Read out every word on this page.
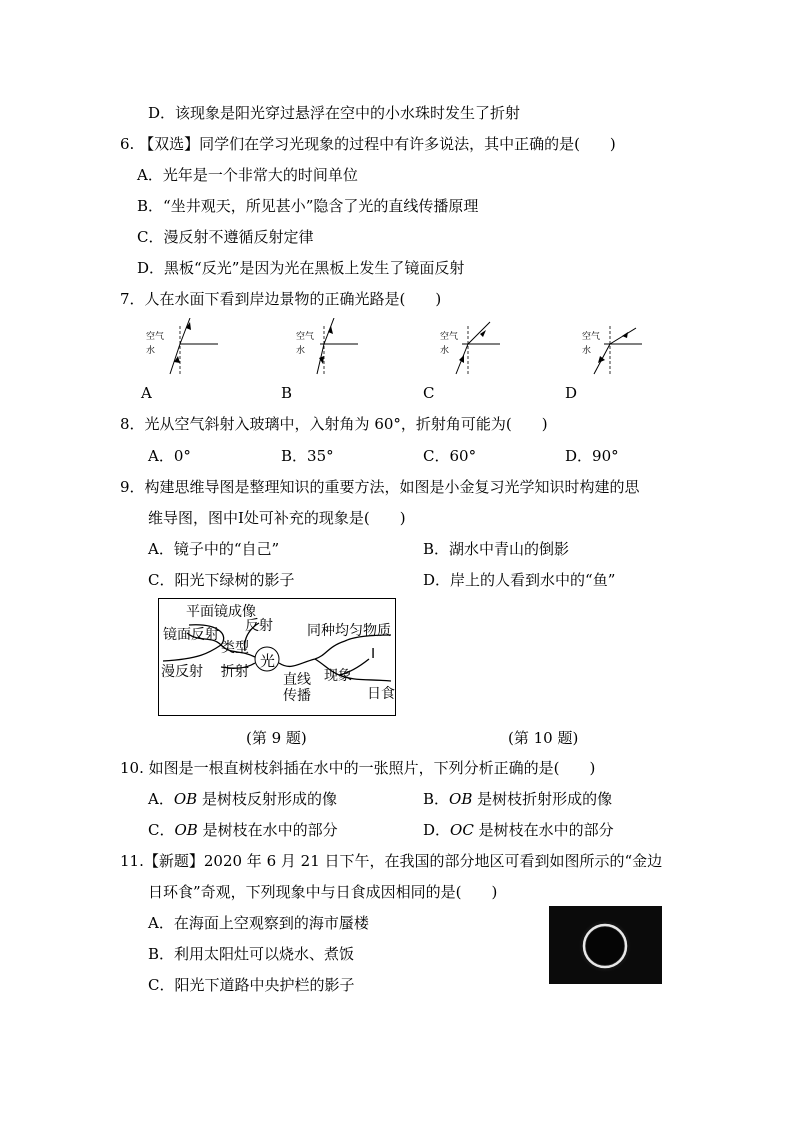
D．该现象是阳光穿过悬浮在空中的小水珠时发生了折射
6. 【双选】同学们在学习光现象的过程中有许多说法，其中正确的是(　　)
A．光年是一个非常大的时间单位
B．“坐井观天，所见甚小”隐含了光的直线传播原理
C．漫反射不遵循反射定律
D．黑板“反光”是因为光在黑板上发生了镜面反射
7．人在水面下看到岸边景物的正确光路是(　　)
空气
水
空气
水
空气
水
空气
水
A	B	C	D
8．光从空气斜射入玻璃中，入射角为 60°，折射角可能为(　　)
A．0°	B．35°	C．60°	D．90°
9．构建思维导图是整理知识的重要方法，如图是小金复习光学知识时构建的思
维导图，图中Ⅰ处可补充的现象是(　　)
A．镜子中的“自己”	B．湖水中青山的倒影
C．阳光下绿树的影子	D．岸上的人看到水中的“鱼”
平面镜成像
镜面反射
反射
类型
漫反射 折射
光
同种均匀物质
直线
传播
现象
Ⅰ
日食
(第 9 题)	(第 10 题)
10. 如图是一根直树枝斜插在水中的一张照片，下列分析正确的是(　　)
A．OB 是树枝反射形成的像	B．OB 是树枝折射形成的像
C．OB 是树枝在水中的部分	D．OC 是树枝在水中的部分
11.【新题】2020 年 6 月 21 日下午，在我国的部分地区可看到如图所示的“金边
日环食”奇观，下列现象中与日食成因相同的是(　　)
A．在海面上空观察到的海市蜃楼
B．利用太阳灶可以烧水、煮饭
C．阳光下道路中央护栏的影子
